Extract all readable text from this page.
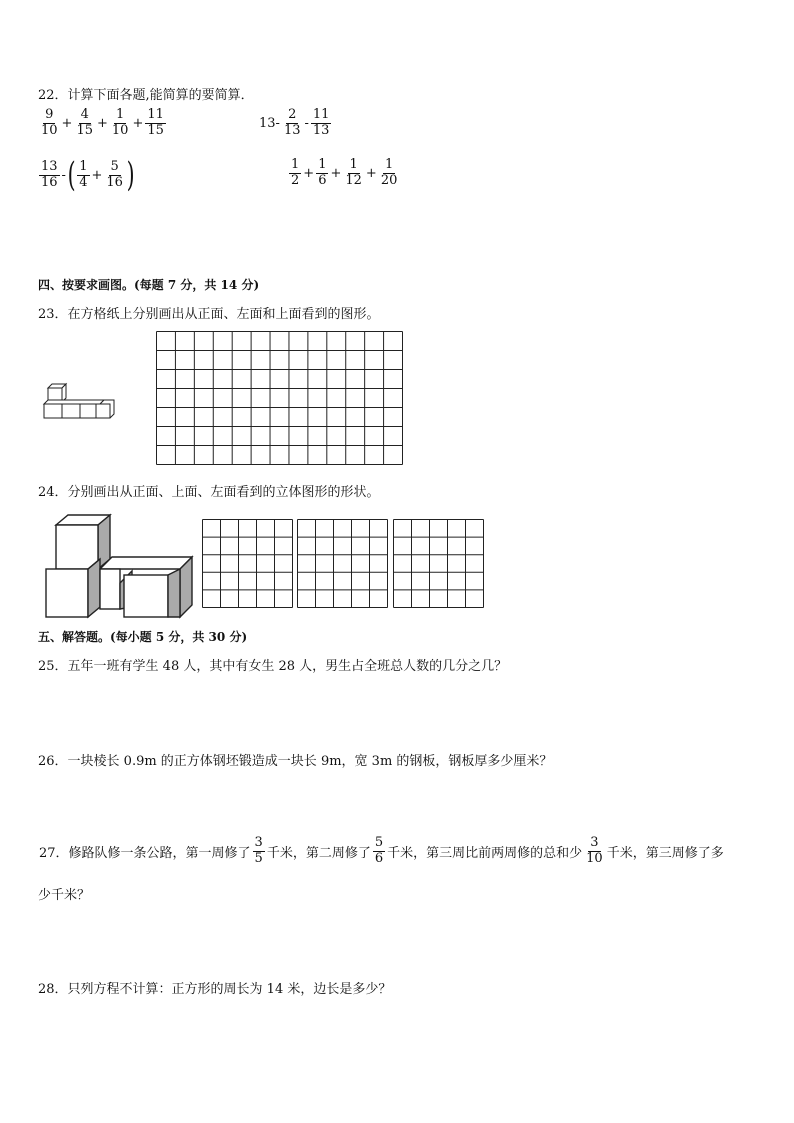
22．计算下面各题,能简算的要简算．
$\frac{9}{10} + \frac{4}{15} + \frac{1}{10} + \frac{11}{15}$	$13- \frac{2}{13} - \frac{11}{13}$
$\frac{13}{16}$ -( $\frac{1}{4} + \frac{5}{16}$ )	$\frac{1}{2} + \frac{1}{6} + \frac{1}{12} + \frac{1}{20}$
四、按要求画图。(每题 7 分，共 14 分)
23．在方格纸上分别画出从正面、左面和上面看到的图形。
24．分别画出从正面、上面、左面看到的立体图形的形状。
五、解答题。(每小题 5 分，共 30 分)
25．五年一班有学生 48 人，其中有女生 28 人，男生占全班总人数的几分之几？
26．一块棱长 0.9m 的正方体钢坯锻造成一块长 9m，宽 3m 的钢板，钢板厚多少厘米？
27．修路队修一条公路，第一周修了 $\frac{3}{5}$ 千米，第二周修了 $\frac{5}{6}$ 千米，第三周比前两周修的总和少 $\frac{3}{10}$ 千米，第三周修了多
少千米？
28．只列方程不计算：正方形的周长为 14 米，边长是多少？
